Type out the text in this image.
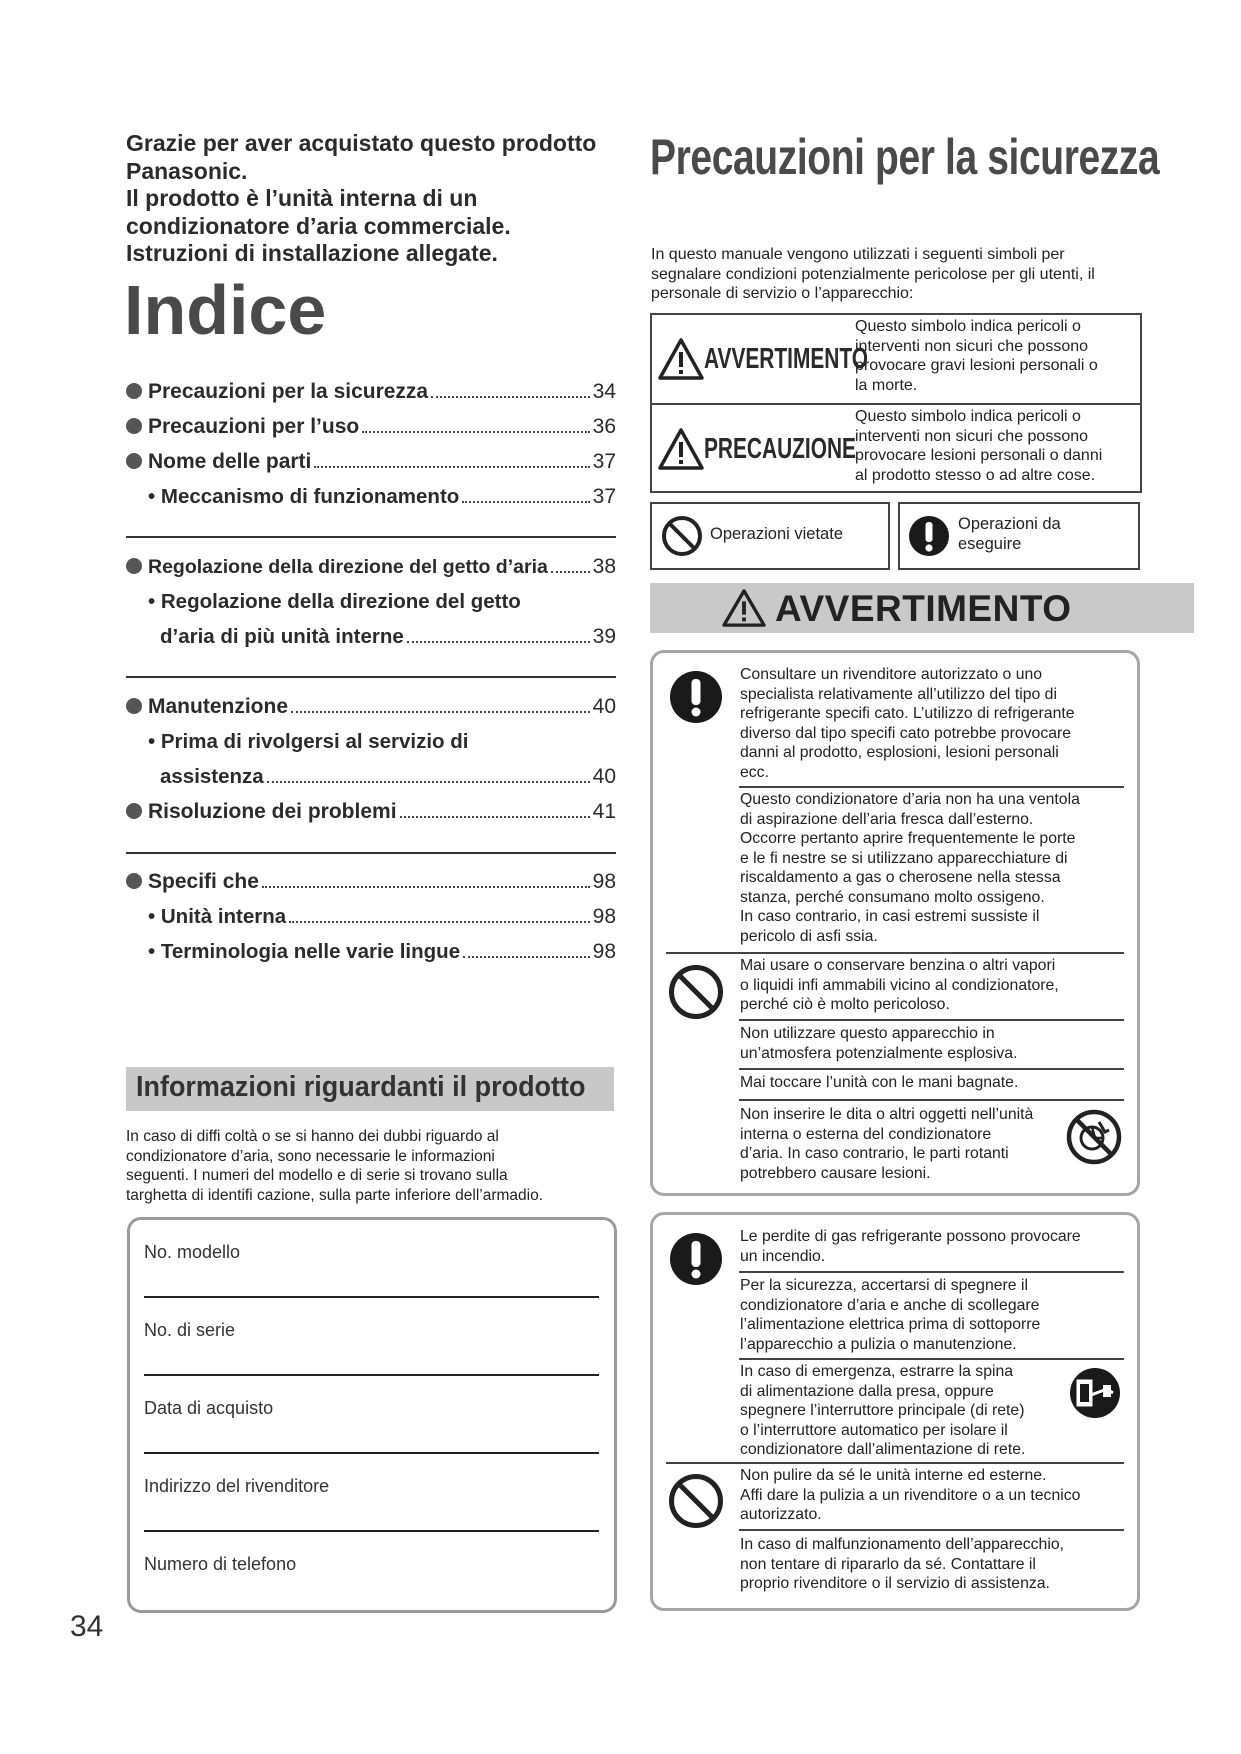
Grazie per aver acquistato questo prodotto
Panasonic.
Il prodotto è l’unità interna di un
condizionatore d’aria commerciale.
Istruzioni di installazione allegate.
Indice
Precauzioni per la sicurezza	34
Precauzioni per l’uso	36
Nome delle parti	37
• Meccanismo di funzionamento	37
Regolazione della direzione del getto d’aria 38
• Regolazione della direzione del getto
d’aria di più unità interne	39
Manutenzione	40
• Prima di rivolgersi al servizio di
assistenza	40
Risoluzione dei problemi	41
Specifi che	98
• Unità interna	98
• Terminologia nelle varie lingue	98
Informazioni riguardanti il prodotto
In caso di diffi coltà o se si hanno dei dubbi riguardo al
condizionatore d’aria, sono necessarie le informazioni
seguenti. I numeri del modello e di serie si trovano sulla
targhetta di identifi cazione, sulla parte inferiore dell’armadio.
No. modello
No. di serie
Data di acquisto
Indirizzo del rivenditore
Numero di telefono
34
Precauzioni per la sicurezza
In questo manuale vengono utilizzati i seguenti simboli per
segnalare condizioni potenzialmente pericolose per gli utenti, il
personale di servizio o l’apparecchio:
AVVERTIMENTO
Questo simbolo indica pericoli o
interventi non sicuri che possono
provocare gravi lesioni personali o
la morte.
PRECAUZIONE
Questo simbolo indica pericoli o
interventi non sicuri che possono
provocare lesioni personali o danni
al prodotto stesso o ad altre cose.
Operazioni vietate
Operazioni da
eseguire
AVVERTIMENTO
Consultare un rivenditore autorizzato o uno
specialista relativamente all’utilizzo del tipo di
refrigerante specifi cato. L’utilizzo di refrigerante
diverso dal tipo specifi cato potrebbe provocare
danni al prodotto, esplosioni, lesioni personali
ecc.
Questo condizionatore d’aria non ha una ventola
di aspirazione dell’aria fresca dall’esterno.
Occorre pertanto aprire frequentemente le porte
e le fi nestre se si utilizzano apparecchiature di
riscaldamento a gas o cherosene nella stessa
stanza, perché consumano molto ossigeno.
In caso contrario, in casi estremi sussiste il
pericolo di asfi ssia.
Mai usare o conservare benzina o altri vapori
o liquidi infi ammabili vicino al condizionatore,
perché ciò è molto pericoloso.
Non utilizzare questo apparecchio in
un’atmosfera potenzialmente esplosiva.
Mai toccare l’unità con le mani bagnate.
Non inserire le dita o altri oggetti nell’unità
interna o esterna del condizionatore
d’aria. In caso contrario, le parti rotanti
potrebbero causare lesioni.
Le perdite di gas refrigerante possono provocare
un incendio.
Per la sicurezza, accertarsi di spegnere il
condizionatore d’aria e anche di scollegare
l’alimentazione elettrica prima di sottoporre
l’apparecchio a pulizia o manutenzione.
In caso di emergenza, estrarre la spina
di alimentazione dalla presa, oppure
spegnere l’interruttore principale (di rete)
o l’interruttore automatico per isolare il
condizionatore dall’alimentazione di rete.
Non pulire da sé le unità interne ed esterne.
Affi dare la pulizia a un rivenditore o a un tecnico
autorizzato.
In caso di malfunzionamento dell’apparecchio,
non tentare di ripararlo da sé. Contattare il
proprio rivenditore o il servizio di assistenza.
